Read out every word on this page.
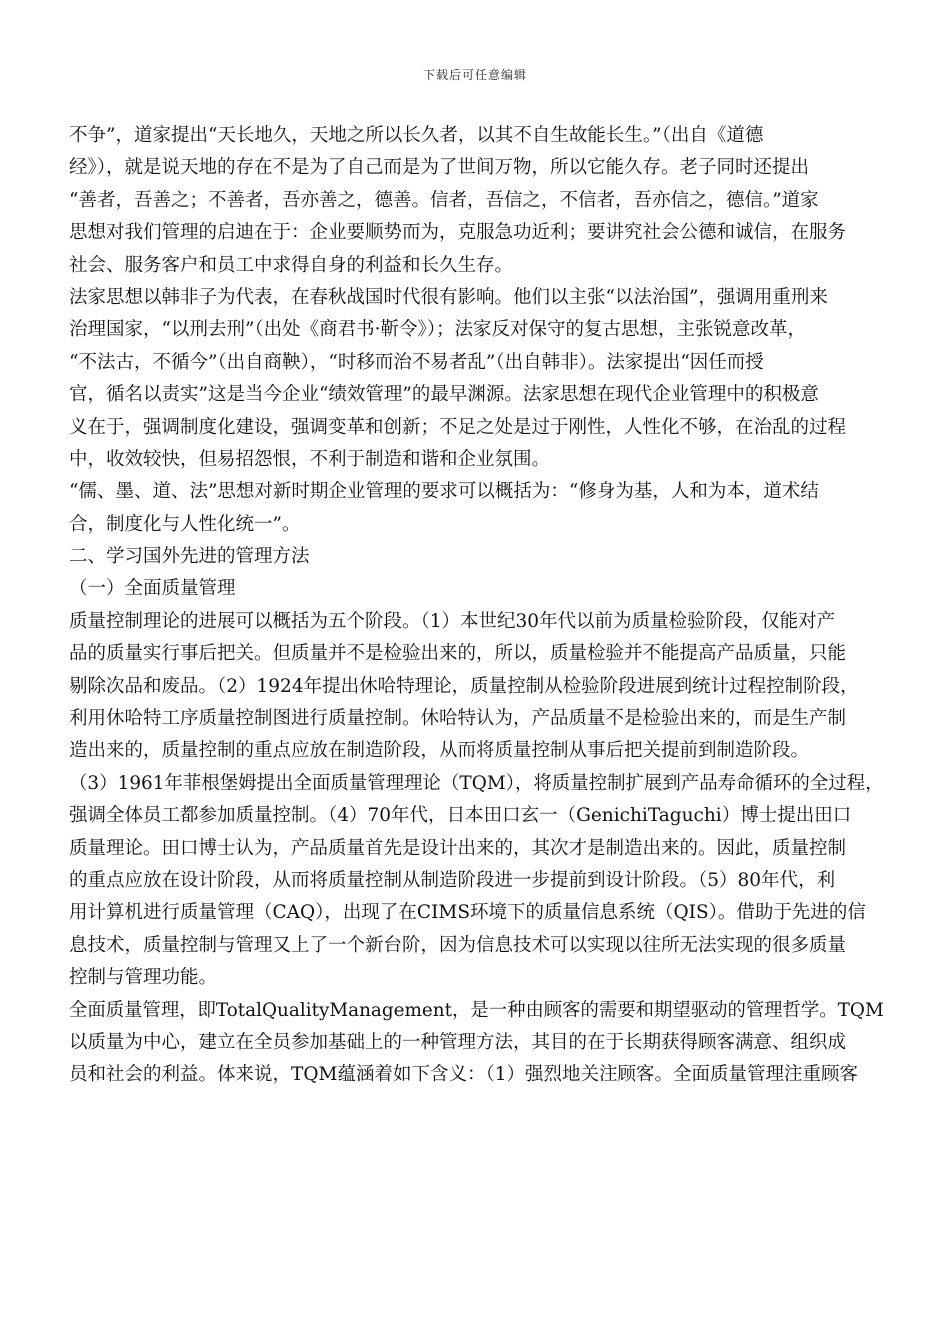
下载后可任意编辑
不争”，道家提出“天长地久，天地之所以长久者，以其不自生故能长生。”（出自《道德
经》），就是说天地的存在不是为了自己而是为了世间万物，所以它能久存。老子同时还提出
“善者，吾善之；不善者，吾亦善之，德善。信者，吾信之，不信者，吾亦信之，德信。”道家
思想对我们管理的启迪在于：企业要顺势而为，克服急功近利；要讲究社会公德和诚信，在服务
社会、服务客户和员工中求得自身的利益和长久生存。
法家思想以韩非子为代表，在春秋战国时代很有影响。他们以主张“以法治国”，强调用重刑来
治理国家，“以刑去刑”（出处《商君书·靳令》）；法家反对保守的复古思想，主张锐意改革，
“不法古，不循今”（出自商鞅），“时移而治不易者乱”（出自韩非）。法家提出“因任而授
官，循名以责实”这是当今企业“绩效管理”的最早渊源。法家思想在现代企业管理中的积极意
义在于，强调制度化建设，强调变革和创新；不足之处是过于刚性，人性化不够，在治乱的过程
中，收效较快，但易招怨恨，不利于制造和谐和企业氛围。
“儒、墨、道、法”思想对新时期企业管理的要求可以概括为：“修身为基，人和为本，道术结
合，制度化与人性化统一”。
二、学习国外先进的管理方法
（一）全面质量管理
质量控制理论的进展可以概括为五个阶段。（1）本世纪30年代以前为质量检验阶段，仅能对产
品的质量实行事后把关。但质量并不是检验出来的，所以，质量检验并不能提高产品质量，只能
剔除次品和废品。（2）1924年提出休哈特理论，质量控制从检验阶段进展到统计过程控制阶段，
利用休哈特工序质量控制图进行质量控制。休哈特认为，产品质量不是检验出来的，而是生产制
造出来的，质量控制的重点应放在制造阶段，从而将质量控制从事后把关提前到制造阶段。
（3）1961年菲根堡姆提出全面质量管理理论（TQM），将质量控制扩展到产品寿命循环的全过程，
强调全体员工都参加质量控制。（4）70年代，日本田口玄一（GenichiTaguchi）博士提出田口
质量理论。田口博士认为，产品质量首先是设计出来的，其次才是制造出来的。因此，质量控制
的重点应放在设计阶段，从而将质量控制从制造阶段进一步提前到设计阶段。（5）80年代，利
用计算机进行质量管理（CAQ），出现了在CIMS环境下的质量信息系统（QIS）。借助于先进的信
息技术，质量控制与管理又上了一个新台阶，因为信息技术可以实现以往所无法实现的很多质量
控制与管理功能。
全面质量管理，即TotalQualityManagement，是一种由顾客的需要和期望驱动的管理哲学。TQM
以质量为中心，建立在全员参加基础上的一种管理方法，其目的在于长期获得顾客满意、组织成
员和社会的利益。体来说，TQM蕴涵着如下含义：（1）强烈地关注顾客。全面质量管理注重顾客
